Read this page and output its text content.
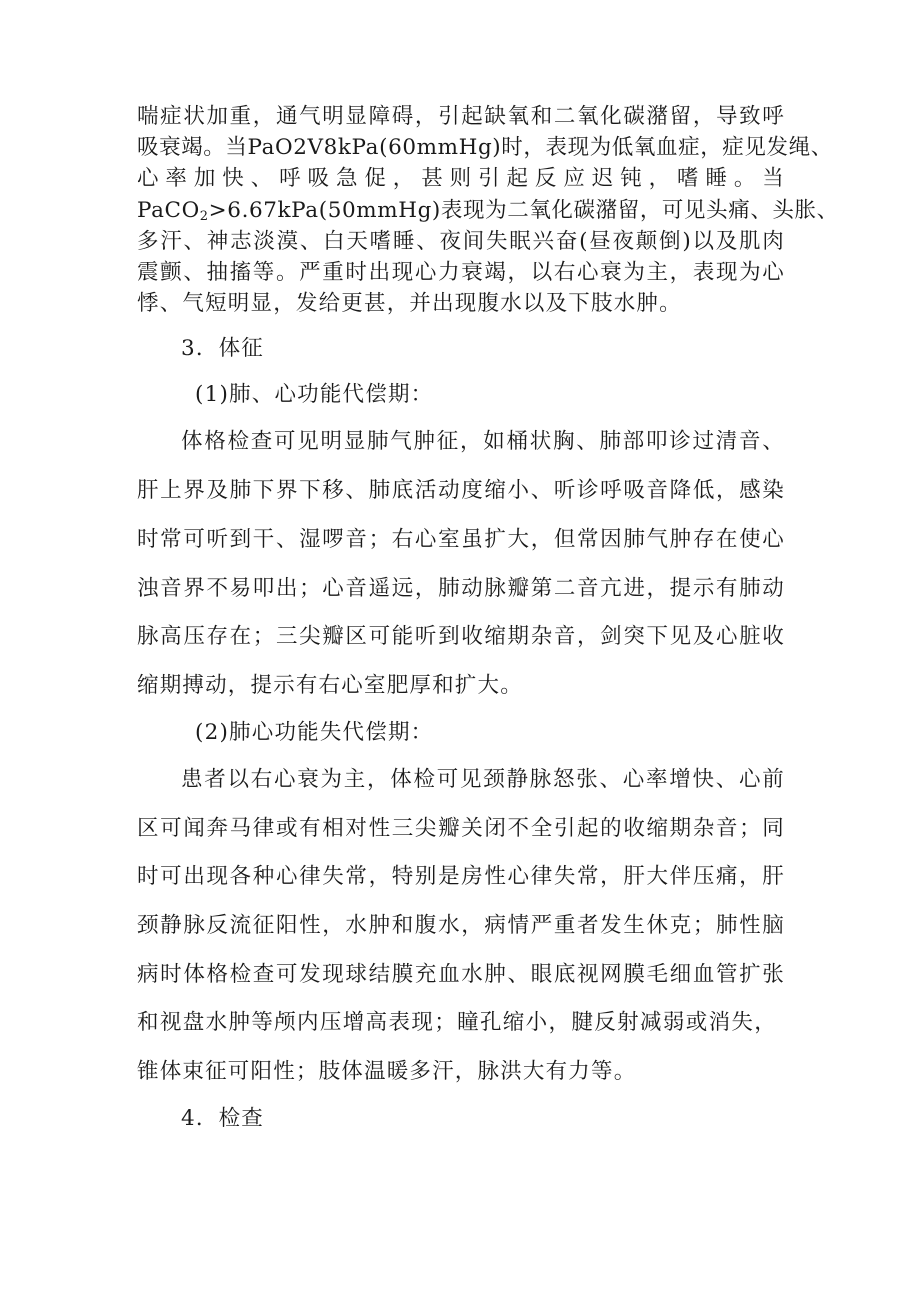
喘症状加重，通气明显障碍，引起缺氧和二氧化碳潴留，导致呼
吸衰竭。当PaO2V8kPa(60mmHg)时，表现为低氧血症，症见发绳、
心率加快、呼吸急促，甚则引起反应迟钝，嗜睡。当
PaCO$_2$>6.67kPa(50mmHg)表现为二氧化碳潴留，可见头痛、头胀、
多汗、神志淡漠、白天嗜睡、夜间失眠兴奋(昼夜颠倒)以及肌肉
震颤、抽搐等。严重时出现心力衰竭，以右心衰为主，表现为心
悸、气短明显，发给更甚，并出现腹水以及下肢水肿。
3．体征
(1)肺、心功能代偿期：
体格检查可见明显肺气肿征，如桶状胸、肺部叩诊过清音、
肝上界及肺下界下移、肺底活动度缩小、听诊呼吸音降低，感染
时常可听到干、湿啰音；右心室虽扩大，但常因肺气肿存在使心
浊音界不易叩出；心音遥远，肺动脉瓣第二音亢进，提示有肺动
脉高压存在；三尖瓣区可能听到收缩期杂音，剑突下见及心脏收
缩期搏动，提示有右心室肥厚和扩大。
(2)肺心功能失代偿期：
患者以右心衰为主，体检可见颈静脉怒张、心率增快、心前
区可闻奔马律或有相对性三尖瓣关闭不全引起的收缩期杂音；同
时可出现各种心律失常，特别是房性心律失常，肝大伴压痛，肝
颈静脉反流征阳性，水肿和腹水，病情严重者发生休克；肺性脑
病时体格检查可发现球结膜充血水肿、眼底视网膜毛细血管扩张
和视盘水肿等颅内压增高表现；瞳孔缩小，腱反射减弱或消失，
锥体束征可阳性；肢体温暖多汗，脉洪大有力等。
4．检查
